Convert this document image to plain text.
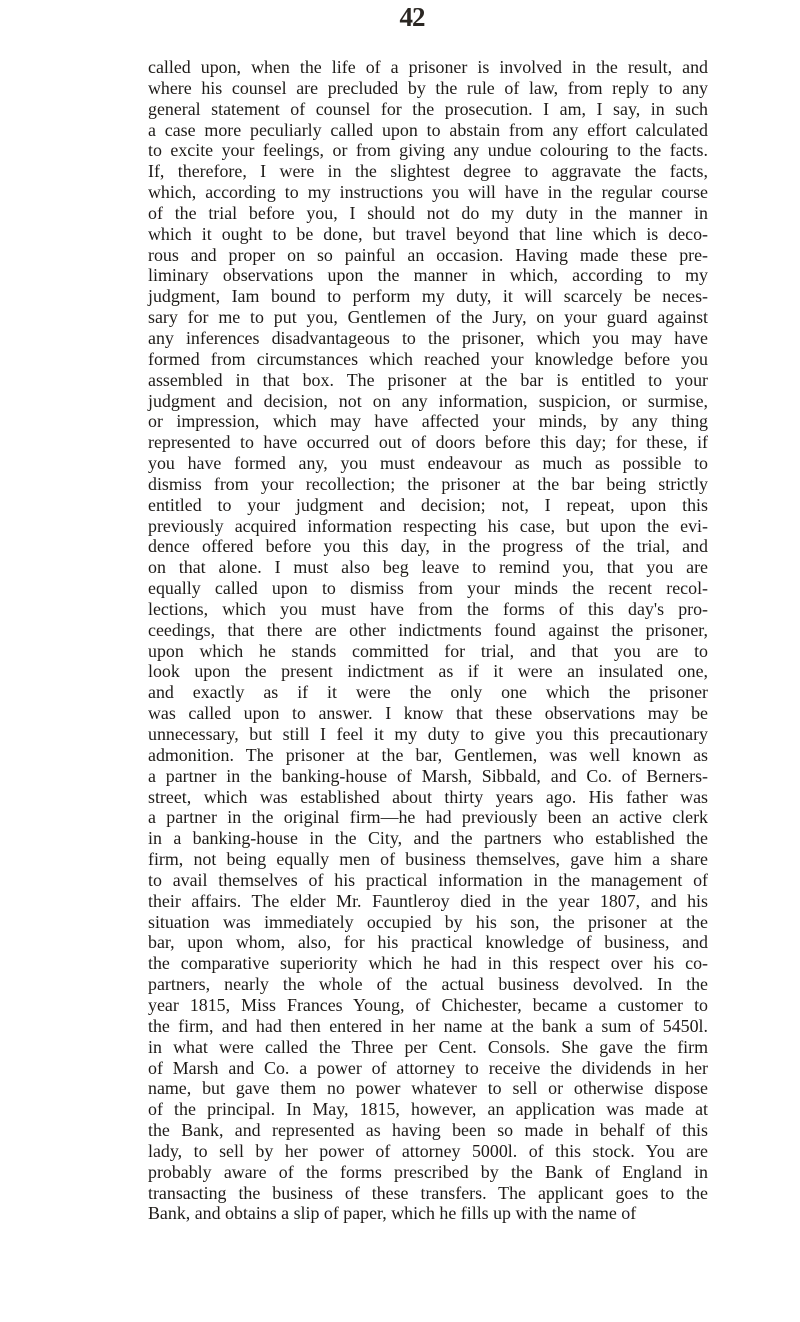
42
called upon, when the life of a prisoner is involved in the result, and
where his counsel are precluded by the rule of law, from reply to any
general statement of counsel for the prosecution. I am, I say, in such
a case more peculiarly called upon to abstain from any effort calculated
to excite your feelings, or from giving any undue colouring to the facts.
If, therefore, I were in the slightest degree to aggravate the facts,
which, according to my instructions you will have in the regular course
of the trial before you, I should not do my duty in the manner in
which it ought to be done, but travel beyond that line which is deco-
rous and proper on so painful an occasion. Having made these pre-
liminary observations upon the manner in which, according to my
judgment, Iam bound to perform my duty, it will scarcely be neces-
sary for me to put you, Gentlemen of the Jury, on your guard against
any inferences disadvantageous to the prisoner, which you may have
formed from circumstances which reached your knowledge before you
assembled in that box. The prisoner at the bar is entitled to your
judgment and decision, not on any information, suspicion, or surmise,
or impression, which may have affected your minds, by any thing
represented to have occurred out of doors before this day; for these, if
you have formed any, you must endeavour as much as possible to
dismiss from your recollection; the prisoner at the bar being strictly
entitled to your judgment and decision; not, I repeat, upon this
previously acquired information respecting his case, but upon the evi-
dence offered before you this day, in the progress of the trial, and
on that alone. I must also beg leave to remind you, that you are
equally called upon to dismiss from your minds the recent recol-
lections, which you must have from the forms of this day's pro-
ceedings, that there are other indictments found against the prisoner,
upon which he stands committed for trial, and that you are to
look upon the present indictment as if it were an insulated one,
and exactly as if it were the only one which the prisoner
was called upon to answer. I know that these observations may be
unnecessary, but still I feel it my duty to give you this precautionary
admonition. The prisoner at the bar, Gentlemen, was well known as
a partner in the banking-house of Marsh, Sibbald, and Co. of Berners-
street, which was established about thirty years ago. His father was
a partner in the original firm—he had previously been an active clerk
in a banking-house in the City, and the partners who established the
firm, not being equally men of business themselves, gave him a share
to avail themselves of his practical information in the management of
their affairs. The elder Mr. Fauntleroy died in the year 1807, and his
situation was immediately occupied by his son, the prisoner at the
bar, upon whom, also, for his practical knowledge of business, and
the comparative superiority which he had in this respect over his co-
partners, nearly the whole of the actual business devolved. In the
year 1815, Miss Frances Young, of Chichester, became a customer to
the firm, and had then entered in her name at the bank a sum of 5450l.
in what were called the Three per Cent. Consols. She gave the firm
of Marsh and Co. a power of attorney to receive the dividends in her
name, but gave them no power whatever to sell or otherwise dispose
of the principal. In May, 1815, however, an application was made at
the Bank, and represented as having been so made in behalf of this
lady, to sell by her power of attorney 5000l. of this stock. You are
probably aware of the forms prescribed by the Bank of England in
transacting the business of these transfers. The applicant goes to the
Bank, and obtains a slip of paper, which he fills up with the name of
